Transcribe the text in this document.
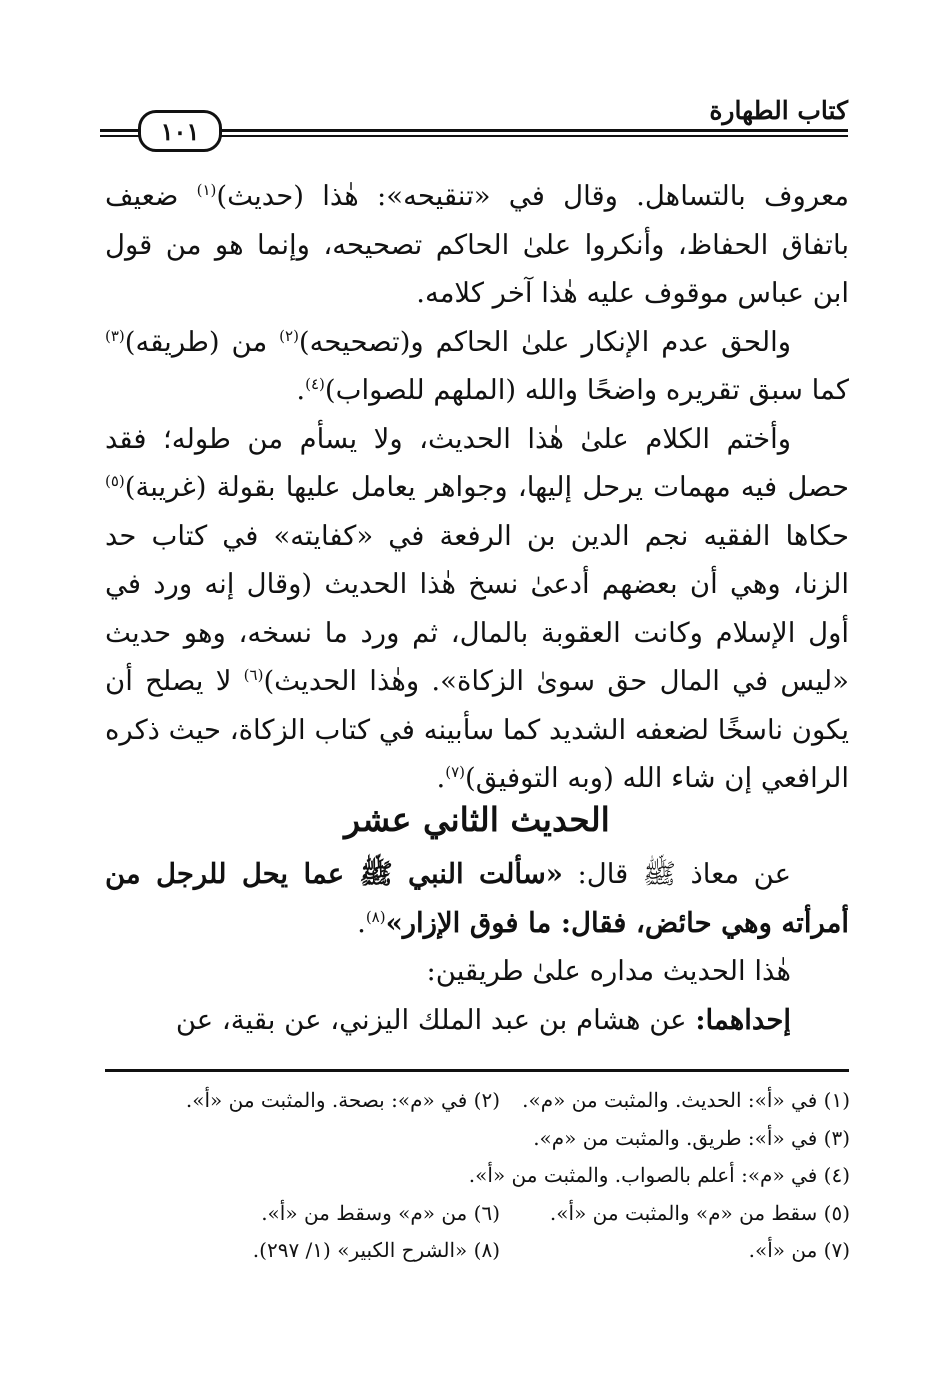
كتاب الطهارة
١٠١

معروف بالتساهل. وقال في «تنقيحه»: هٰذا (حديث)$^{(١)}$ ضعيف باتفاق الحفاظ، وأنكروا علىٰ الحاكم تصحيحه، وإنما هو من قول ابن عباس موقوف عليه هٰذا آخر كلامه.

والحق عدم الإنكار علىٰ الحاكم و(تصحيحه)$^{(٢)}$ من (طريقه)$^{(٣)}$ كما سبق تقريره واضحًا والله (الملهم للصواب)$^{(٤)}$.

وأختم الكلام علىٰ هٰذا الحديث، ولا يسأم من طوله؛ فقد حصل فيه مهمات يرحل إليها، وجواهر يعامل عليها بقولة (غريبة)$^{(٥)}$ حكاها الفقيه نجم الدين بن الرفعة في «كفايته» في كتاب حد الزنا، وهي أن بعضهم أدعىٰ نسخ هٰذا الحديث (وقال إنه ورد في أول الإسلام وكانت العقوبة بالمال، ثم ورد ما نسخه، وهو حديث «ليس في المال حق سوىٰ الزكاة». وهٰذا الحديث)$^{(٦)}$ لا يصلح أن يكون ناسخًا لضعفه الشديد كما سأبينه في كتاب الزكاة، حيث ذكره الرافعي إن شاء الله (وبه التوفيق)$^{(٧)}$.

الحديث الثاني عشر

عن معاذ ﷺ قال: «سألت النبي ﷺ عما يحل للرجل من أمرأته وهي حائض، فقال: ما فوق الإزار»$^{(٨)}$.

هٰذا الحديث مداره علىٰ طريقين:

إحداهما: عن هشام بن عبد الملك اليزني، عن بقية، عن

(١) في «أ»: الحديث. والمثبت من «م».
(٢) في «م»: بصحة. والمثبت من «أ».
(٣) في «أ»: طريق. والمثبت من «م».
(٤) في «م»: أعلم بالصواب. والمثبت من «أ».
(٥) سقط من «م» والمثبت من «أ».
(٦) من «م» وسقط من «أ».
(٧) من «أ».
(٨) «الشرح الكبير» (١/ ٢٩٧).
